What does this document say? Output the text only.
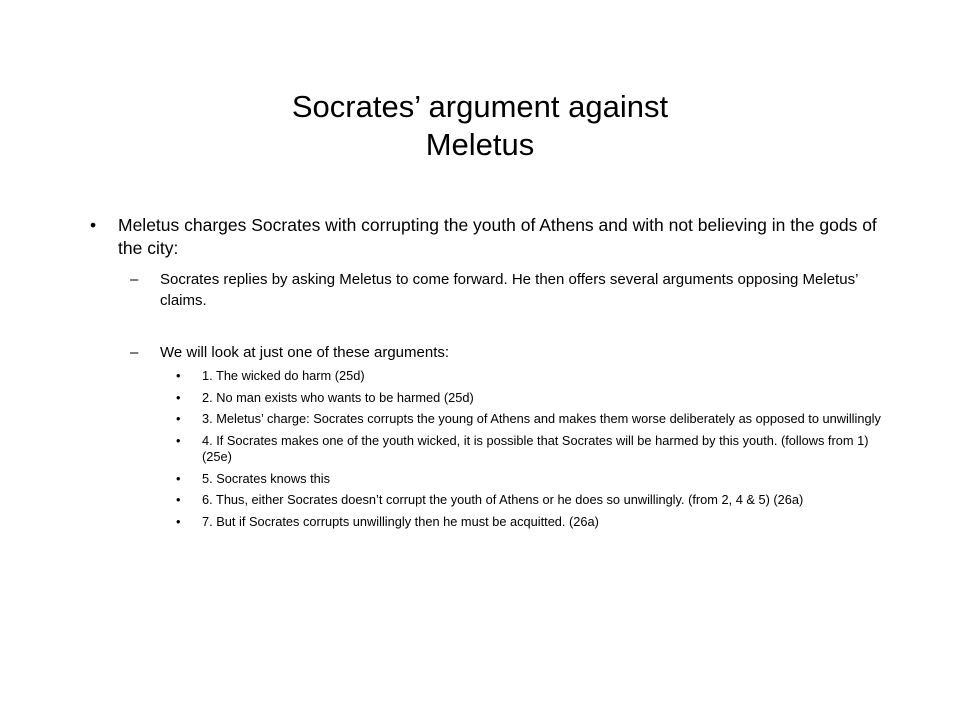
Socrates’ argument against
Meletus
• Meletus charges Socrates with corrupting the youth of Athens and with not believing in the gods of the city:
– Socrates replies by asking Meletus to come forward. He then offers several arguments opposing Meletus’ claims.
– We will look at just one of these arguments:
• 1. The wicked do harm (25d)
• 2. No man exists who wants to be harmed (25d)
• 3. Meletus’ charge: Socrates corrupts the young of Athens and makes them worse deliberately as opposed to unwillingly
• 4. If Socrates makes one of the youth wicked, it is possible that Socrates will be harmed by this youth. (follows from 1) (25e)
• 5. Socrates knows this
• 6. Thus, either Socrates doesn’t corrupt the youth of Athens or he does so unwillingly. (from 2, 4 & 5) (26a)
• 7. But if Socrates corrupts unwillingly then he must be acquitted. (26a)
